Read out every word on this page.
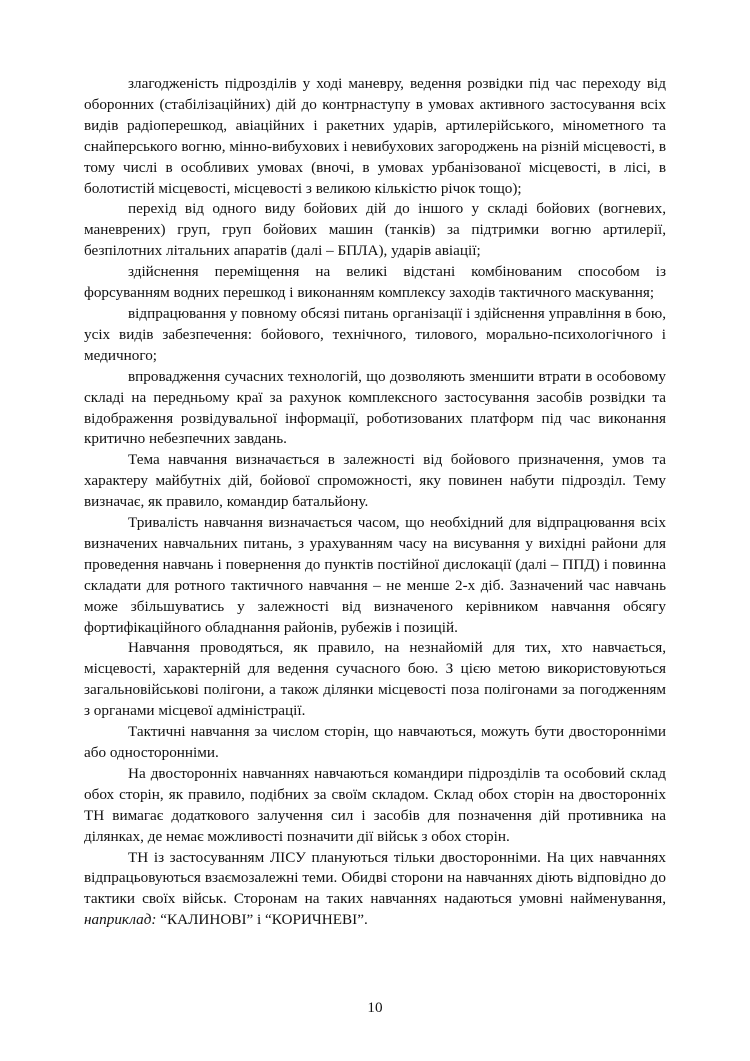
злагодженість підрозділів у ході маневру, ведення розвідки під час переходу від оборонних (стабілізаційних) дій до контрнаступу в умовах активного застосування всіх видів радіоперешкод, авіаційних і ракетних ударів, артилерійського, мінометного та снайперського вогню, мінно-вибухових і невибухових загороджень на різній місцевості, в тому числі в особливих умовах (вночі, в умовах урбанізованої місцевості, в лісі, в болотистій місцевості, місцевості з великою кількістю річок тощо);

перехід від одного виду бойових дій до іншого у складі бойових (вогневих, маневрених) груп, груп бойових машин (танків) за підтримки вогню артилерії, безпілотних літальних апаратів (далі – БПЛА), ударів авіації;

здійснення переміщення на великі відстані комбінованим способом із форсуванням водних перешкод і виконанням комплексу заходів тактичного маскування;

відпрацювання у повному обсязі питань організації і здійснення управління в бою, усіх видів забезпечення: бойового, технічного, тилового, морально-психологічного і медичного;

впровадження сучасних технологій, що дозволяють зменшити втрати в особовому складі на передньому краї за рахунок комплексного застосування засобів розвідки та відображення розвідувальної інформації, роботизованих платформ під час виконання критично небезпечних завдань.

Тема навчання визначається в залежності від бойового призначення, умов та характеру майбутніх дій, бойової спроможності, яку повинен набути підрозділ. Тему визначає, як правило, командир батальйону.

Тривалість навчання визначається часом, що необхідний для відпрацювання всіх визначених навчальних питань, з урахуванням часу на висування у вихідні райони для проведення навчань і повернення до пунктів постійної дислокації (далі – ППД) і повинна складати для ротного тактичного навчання – не менше 2-х діб. Зазначений час навчань може збільшуватись у залежності від визначеного керівником навчання обсягу фортифікаційного обладнання районів, рубежів і позицій.

Навчання проводяться, як правило, на незнайомій для тих, хто навчається, місцевості, характерній для ведення сучасного бою. З цією метою використовуються загальновійськові полігони, а також ділянки місцевості поза полігонами за погодженням з органами місцевої адміністрації.

Тактичні навчання за числом сторін, що навчаються, можуть бути двосторонніми або односторонніми.

На двосторонніх навчаннях навчаються командири підрозділів та особовий склад обох сторін, як правило, подібних за своїм складом. Склад обох сторін на двосторонніх ТН вимагає додаткового залучення сил і засобів для позначення дій противника на ділянках, де немає можливості позначити дії військ з обох сторін.

ТН із застосуванням ЛІСУ плануються тільки двосторонніми. На цих навчаннях відпрацьовуються взаємозалежні теми. Обидві сторони на навчаннях діють відповідно до тактики своїх військ. Сторонам на таких навчаннях надаються умовні найменування, наприклад: “КАЛИНОВІ” і “КОРИЧНЕВІ”.

10
